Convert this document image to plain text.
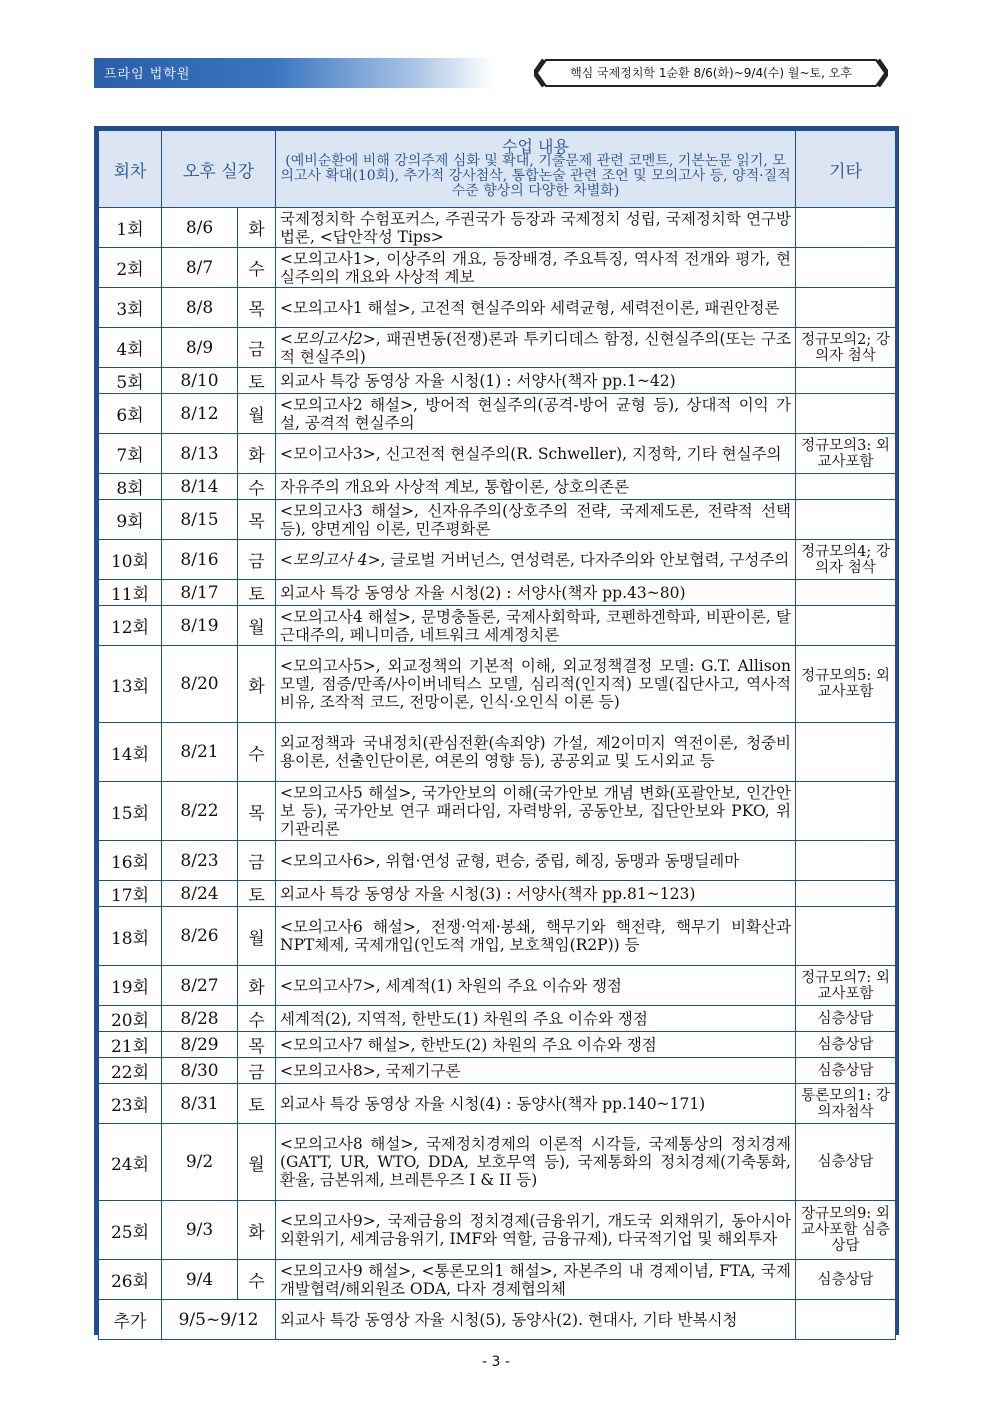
프라임 법학원	핵심 국제정치학 1순환 8/6(화)~9/4(수) 월~토, 오후
회차	오후 실강		수업 내용
(예비순환에 비해 강의주제 심화 및 확대, 기출문제 관련 코멘트, 기본논문 읽기, 모의고사 확대(10회), 추가적 강사첨삭, 통합논술 관련 조언 및 모의고사 등, 양적·질적 수준 향상의 다양한 차별화)	기타
1회	8/6	화	국제정치학 수험포커스, 주권국가 등장과 국제정치 성립, 국제정치학 연구방법론, <답안작성 Tips>	
2회	8/7	수	<모의고사1>, 이상주의 개요, 등장배경, 주요특징, 역사적 전개와 평가, 현실주의의 개요와 사상적 계보	
3회	8/8	목	<모의고사1 해설>, 고전적 현실주의와 세력균형, 세력전이론, 패권안정론	
4회	8/9	금	<모의고사2>, 패권변동(전쟁)론과 투키디데스 함정, 신현실주의(또는 구조적 현실주의)	정규모의2; 강의자 첨삭
5회	8/10	토	외교사 특강 동영상 자율 시청(1) : 서양사(책자 pp.1~42)	
6회	8/12	월	<모의고사2 해설>, 방어적 현실주의(공격-방어 균형 등), 상대적 이익 가설, 공격적 현실주의	
7회	8/13	화	<모이고사3>, 신고전적 현실주의(R. Schweller), 지정학, 기타 현실주의	정규모의3: 외교사포함
8회	8/14	수	자유주의 개요와 사상적 계보, 통합이론, 상호의존론	
9회	8/15	목	<모의고사3 해설>, 신자유주의(상호주의 전략, 국제제도론, 전략적 선택 등), 양면게임 이론, 민주평화론	
10회	8/16	금	<모의고사 4>, 글로벌 거버넌스, 연성력론, 다자주의와 안보협력, 구성주의	정규모의4; 강의자 첨삭
11회	8/17	토	외교사 특강 동영상 자율 시청(2) : 서양사(책자 pp.43~80)	
12회	8/19	월	<모의고사4 해설>, 문명충돌론, 국제사회학파, 코펜하겐학파, 비판이론, 탈근대주의, 페니미즘, 네트워크 세계정치론	
13회	8/20	화	<모의고사5>, 외교정책의 기본적 이해, 외교정책결정 모델: G.T. Allison 모델, 점증/만족/사이버네틱스 모델, 심리적(인지적) 모델(집단사고, 역사적 비유, 조작적 코드, 전망이론, 인식·오인식 이론 등)	정규모의5: 외교사포함
14회	8/21	수	외교정책과 국내정치(관심전환(속죄양) 가설, 제2이미지 역전이론, 청중비용이론, 선출인단이론, 여론의 영향 등), 공공외교 및 도시외교 등	
15회	8/22	목	<모의고사5 해설>, 국가안보의 이해(국가안보 개념 변화(포괄안보, 인간안보 등), 국가안보 연구 패러다임, 자력방위, 공동안보, 집단안보와 PKO, 위기관리론	
16회	8/23	금	<모의고사6>, 위협·연성 균형, 편승, 중립, 헤징, 동맹과 동맹딜레마	
17회	8/24	토	외교사 특강 동영상 자율 시청(3) : 서양사(책자 pp.81~123)	
18회	8/26	월	<모의고사6 해설>, 전쟁·억제·봉쇄, 핵무기와 핵전략, 핵무기 비확산과 NPT체제, 국제개입(인도적 개입, 보호책임(R2P)) 등	
19회	8/27	화	<모의고사7>, 세계적(1) 차원의 주요 이슈와 쟁점	정규모의7: 외교사포함
20회	8/28	수	세계적(2), 지역적, 한반도(1) 차원의 주요 이슈와 쟁점	심층상담
21회	8/29	목	<모의고사7 해설>, 한반도(2) 차원의 주요 이슈와 쟁점	심층상담
22회	8/30	금	<모의고사8>, 국제기구론	심층상담
23회	8/31	토	외교사 특강 동영상 자율 시청(4) : 동양사(책자 pp.140~171)	통론모의1: 강의자첨삭
24회	9/2	월	<모의고사8 해설>, 국제정치경제의 이론적 시각들, 국제통상의 정치경제(GATT, UR, WTO, DDA, 보호무역 등), 국제통화의 정치경제(기축통화, 환율, 금본위제, 브레튼우즈 I & II 등)	심층상담
25회	9/3	화	<모의고사9>, 국제금융의 정치경제(금융위기, 개도국 외채위기, 동아시아 외환위기, 세계금융위기, IMF와 역할, 금융규제), 다국적기업 및 해외투자	장규모의9: 외교사포함 심층상담
26회	9/4	수	<모의고사9 해설>, <통론모의1 해설>, 자본주의 내 경제이념, FTA, 국제개발협력/해외원조 ODA, 다자 경제협의체	심층상담
추가	9/5~9/12		외교사 특강 동영상 자율 시청(5), 동양사(2). 현대사, 기타 반복시청	
- 3 -
